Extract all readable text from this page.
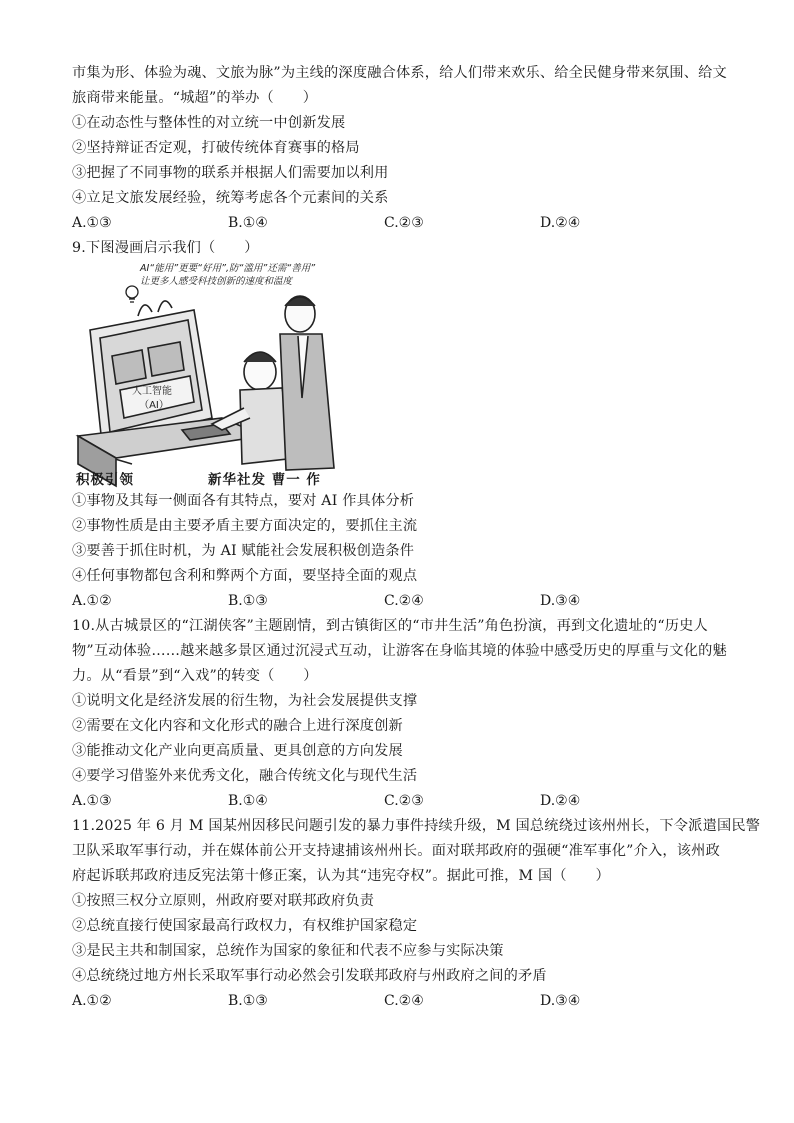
市集为形、体验为魂、文旅为脉”为主线的深度融合体系，给人们带来欢乐、给全民健身带来氛围、给文
旅商带来能量。“城超”的举办（　　）
①在动态性与整体性的对立统一中创新发展
②坚持辩证否定观，打破传统体育赛事的格局
③把握了不同事物的联系并根据人们需要加以利用
④立足文旅发展经验，统筹考虑各个元素间的关系
A.①③	B.①④	C.②③	D.②④
9.下图漫画启示我们（　　）
AI“能用”更要“好用”,防“滥用”还需“善用”
让更多人感受科技创新的速度和温度
人工智能
（AI）
积极引领	新华社发 曹一 作
①事物及其每一侧面各有其特点，要对 AI 作具体分析
②事物性质是由主要矛盾主要方面决定的，要抓住主流
③要善于抓住时机，为 AI 赋能社会发展积极创造条件
④任何事物都包含利和弊两个方面，要坚持全面的观点
A.①②	B.①③	C.②④	D.③④
10.从古城景区的“江湖侠客”主题剧情，到古镇街区的“市井生活”角色扮演，再到文化遗址的“历史人
物”互动体验……越来越多景区通过沉浸式互动，让游客在身临其境的体验中感受历史的厚重与文化的魅
力。从“看景”到“入戏”的转变（　　）
①说明文化是经济发展的衍生物，为社会发展提供支撑
②需要在文化内容和文化形式的融合上进行深度创新
③能推动文化产业向更高质量、更具创意的方向发展
④要学习借鉴外来优秀文化，融合传统文化与现代生活
A.①③	B.①④	C.②③	D.②④
11.2025 年 6 月 M 国某州因移民问题引发的暴力事件持续升级，M 国总统绕过该州州长，下令派遣国民警
卫队采取军事行动，并在媒体前公开支持逮捕该州州长。面对联邦政府的强硬“准军事化”介入，该州政
府起诉联邦政府违反宪法第十修正案，认为其“违宪夺权”。据此可推，M 国（　　）
①按照三权分立原则，州政府要对联邦政府负责
②总统直接行使国家最高行政权力，有权维护国家稳定
③是民主共和制国家，总统作为国家的象征和代表不应参与实际决策
④总统绕过地方州长采取军事行动必然会引发联邦政府与州政府之间的矛盾
A.①②	B.①③	C.②④	D.③④
